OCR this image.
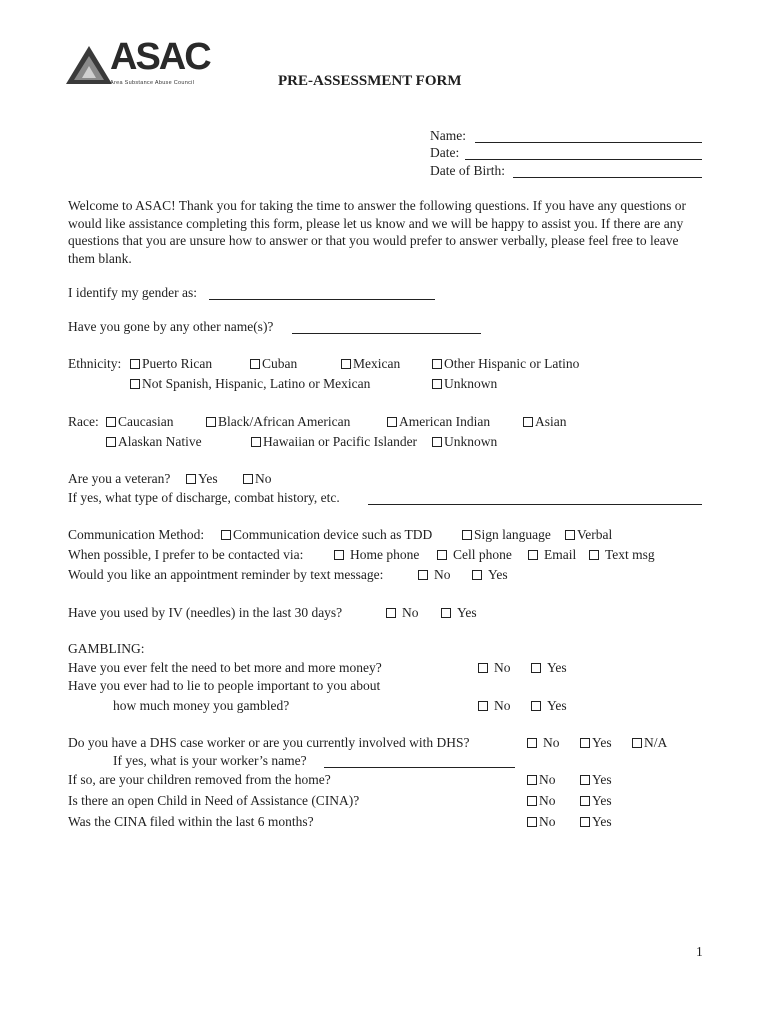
ASAC
Area Substance Abuse Council	PRE-ASSESSMENT FORM
Name:
Date:
Date of Birth:
Welcome to ASAC! Thank you for taking the time to answer the following questions. If you have any questions or would like assistance completing this form, please let us know and we will be happy to assist you. If there are any questions that you are unsure how to answer or that you would prefer to answer verbally, please feel free to leave them blank.
I identify my gender as:
Have you gone by any other name(s)?
Ethnicity:	Puerto Rican	Cuban	Mexican	Other Hispanic or Latino
Not Spanish, Hispanic, Latino or Mexican	Unknown
Race:	Caucasian	Black/African American	American Indian	Asian
Alaskan Native	Hawaiian or Pacific Islander	Unknown
Are you a veteran?	Yes	No
If yes, what type of discharge, combat history, etc.
Communication Method:	Communication device such as TDD	Sign language	Verbal
When possible, I prefer to be contacted via:	Home phone	Cell phone	Email	Text msg
Would you like an appointment reminder by text message:	No	Yes
Have you used by IV (needles) in the last 30 days?	No	Yes
GAMBLING:
Have you ever felt the need to bet more and more money?	No	Yes
Have you ever had to lie to people important to you about
how much money you gambled?	No	Yes
Do you have a DHS case worker or are you currently involved with DHS?	No	Yes	N/A
If yes, what is your worker’s name?
If so, are your children removed from the home?	No	Yes
Is there an open Child in Need of Assistance (CINA)?	No	Yes
Was the CINA filed within the last 6 months?	No	Yes
1
